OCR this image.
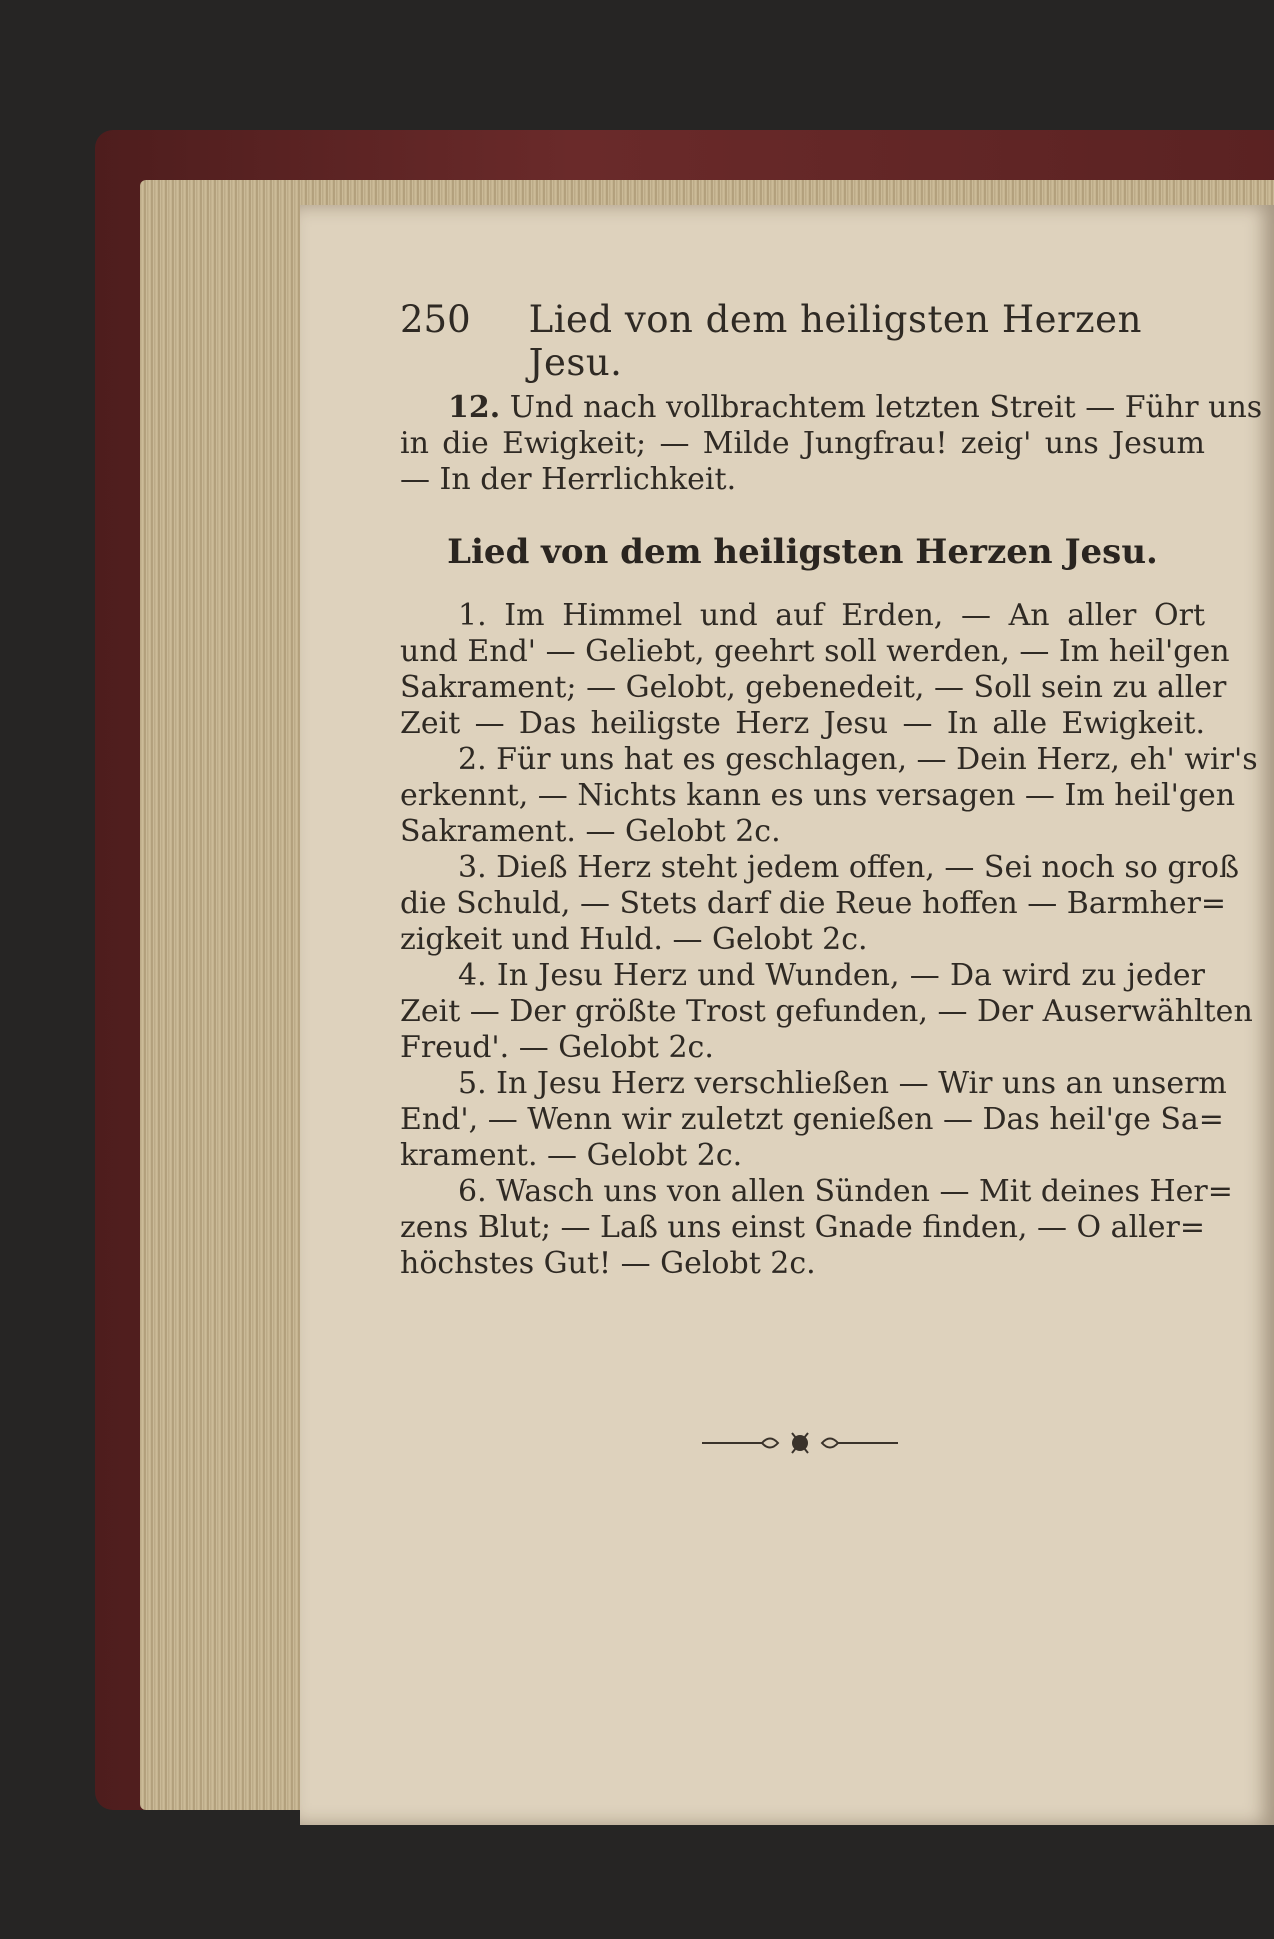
250 Lied von dem heiligsten Herzen Jesu.
12. Und nach vollbrachtem letzten Streit — Führ uns
in die Ewigkeit; — Milde Jungfrau! zeig' uns Jesum
— In der Herrlichkeit.
Lied von dem heiligsten Herzen Jesu.
1. Im Himmel und auf Erden, — An aller Ort
und End' — Geliebt, geehrt soll werden, — Im heil'gen
Sakrament; — Gelobt, gebenedeit, — Soll sein zu aller
Zeit — Das heiligste Herz Jesu — In alle Ewigkeit.
2. Für uns hat es geschlagen, — Dein Herz, eh' wir's
erkennt, — Nichts kann es uns versagen — Im heil'gen
Sakrament. — Gelobt 2c.
3. Dieß Herz steht jedem offen, — Sei noch so groß
die Schuld, — Stets darf die Reue hoffen — Barmher=
zigkeit und Huld. — Gelobt 2c.
4. In Jesu Herz und Wunden, — Da wird zu jeder
Zeit — Der größte Trost gefunden, — Der Auserwählten
Freud'. — Gelobt 2c.
5. In Jesu Herz verschließen — Wir uns an unserm
End', — Wenn wir zuletzt genießen — Das heil'ge Sa=
krament. — Gelobt 2c.
6. Wasch uns von allen Sünden — Mit deines Her=
zens Blut; — Laß uns einst Gnade finden, — O aller=
höchstes Gut! — Gelobt 2c.
